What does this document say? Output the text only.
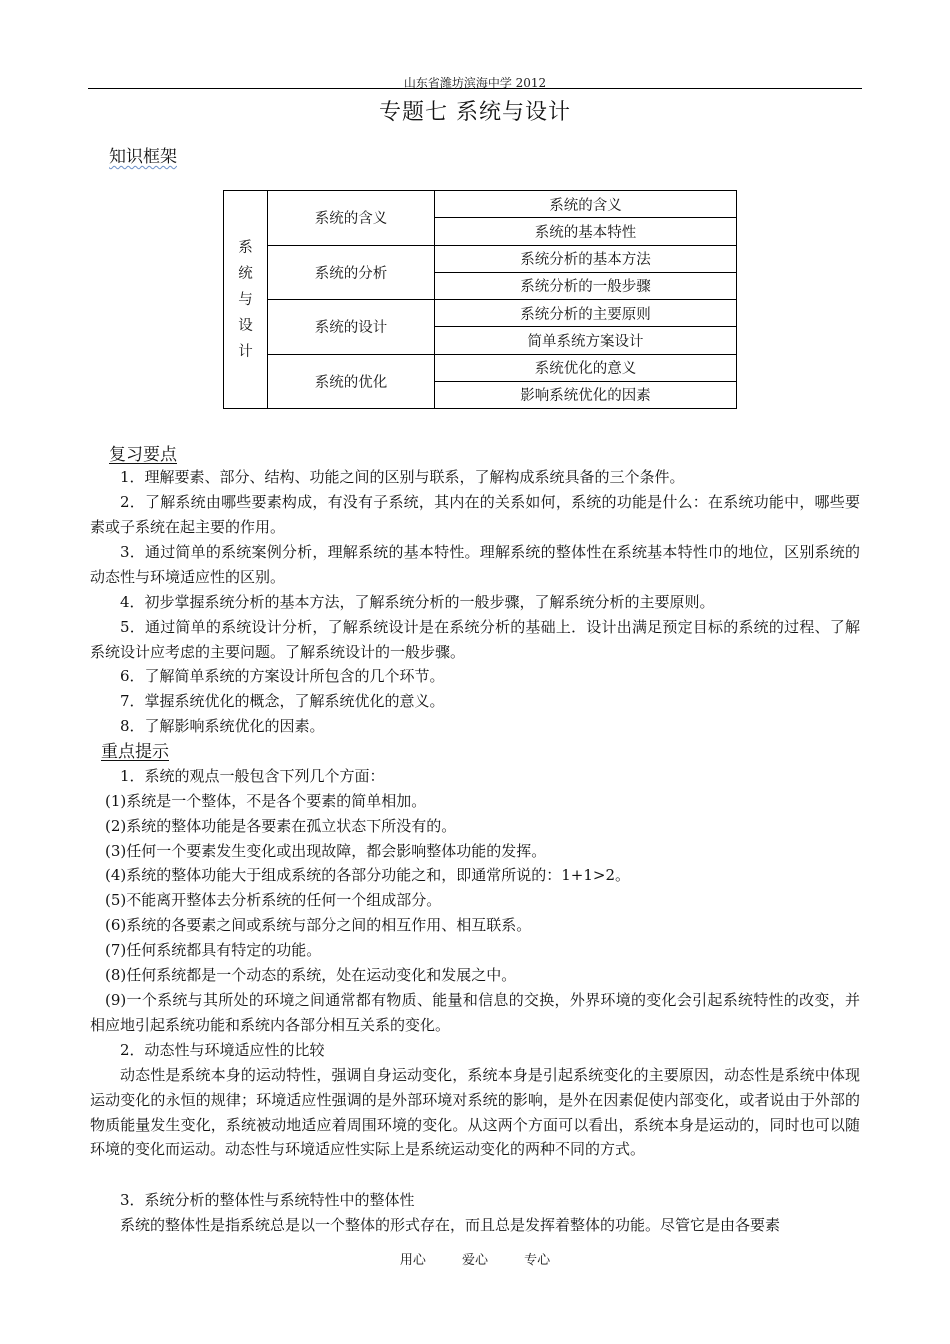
山东省潍坊滨海中学 2012
专题七 系统与设计
知识框架
系
统
与
设
计
系统的含义
系统的含义
系统的基本特性
系统的分析
系统分析的基本方法
系统分析的一般步骤
系统的设计
系统分析的主要原则
简单系统方案设计
系统的优化
系统优化的意义
影响系统优化的因素
复习要点
1．理解要素、部分、结构、功能之间的区别与联系，了解构成系统具备的三个条件。
2．了解系统由哪些要素构成，有没有子系统，其内在的关系如何，系统的功能是什么：在系统功能中，哪些要素或子系统在起主要的作用。
3．通过简单的系统案例分析，理解系统的基本特性。理解系统的整体性在系统基本特性巾的地位，区别系统的动态性与环境适应性的区别。
4．初步掌握系统分析的基本方法，了解系统分析的一般步骤，了解系统分析的主要原则。
5．通过简单的系统设计分析，了解系统设计是在系统分析的基础上．设计出满足预定目标的系统的过程、了解系统设计应考虑的主要问题。了解系统设计的一般步骤。
6．了解简单系统的方案设计所包含的几个环节。
7．掌握系统优化的概念，了解系统优化的意义。
8．了解影响系统优化的因素。
重点提示
1．系统的观点一般包含下列几个方面：
(1)系统是一个整体，不是各个要素的简单相加。
(2)系统的整体功能是各要素在孤立状态下所没有的。
(3)任何一个要素发生变化或出现故障，都会影响整体功能的发挥。
(4)系统的整体功能大于组成系统的各部分功能之和，即通常所说的：1+1>2。
(5)不能离开整体去分析系统的任何一个组成部分。
(6)系统的各要素之间或系统与部分之间的相互作用、相互联系。
(7)任何系统都具有特定的功能。
(8)任何系统都是一个动态的系统，处在运动变化和发展之中。
(9)一个系统与其所处的环境之间通常都有物质、能量和信息的交换，外界环境的变化会引起系统特性的改变，并相应地引起系统功能和系统内各部分相互关系的变化。
2．动态性与环境适应性的比较
动态性是系统本身的运动特性，强调自身运动变化，系统本身是引起系统变化的主要原因，动态性是系统中体现运动变化的永恒的规律；环境适应性强调的是外部环境对系统的影响，是外在因素促使内部变化，或者说由于外部的物质能量发生变化，系统被动地适应着周围环境的变化。从这两个方面可以看出，系统本身是运动的，同时也可以随环境的变化而运动。动态性与环境适应性实际上是系统运动变化的两种不同的方式。
3．系统分析的整体性与系统特性中的整体性
系统的整体性是指系统总是以一个整体的形式存在，而且总是发挥着整体的功能。尽管它是由各要素
用心	爱心	专心
